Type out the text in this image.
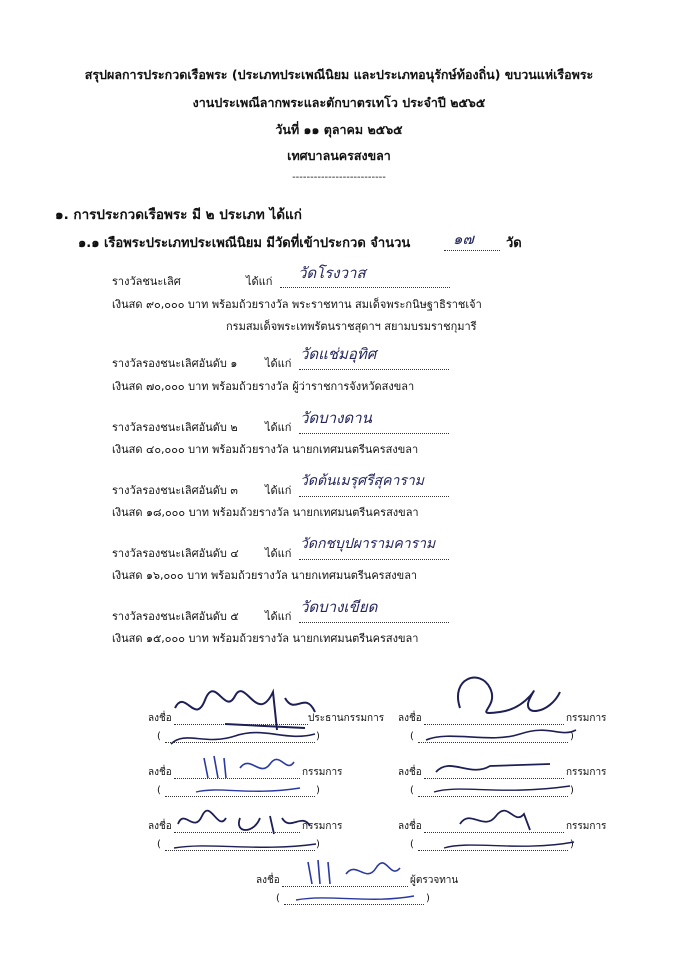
สรุปผลการประกวดเรือพระ (ประเภทประเพณีนิยม และประเภทอนุรักษ์ท้องถิ่น) ขบวนแห่เรือพระ
งานประเพณีลากพระและตักบาตรเทโว ประจำปี ๒๕๖๕
วันที่ ๑๑ ตุลาคม ๒๕๖๕
เทศบาลนครสงขลา
--------------------------
๑. การประกวดเรือพระ มี ๒ ประเภท ได้แก่
๑.๑ เรือพระประเภทประเพณีนิยม มีวัดที่เข้าประกวด จำนวน	๑๗ วัด
รางวัลชนะเลิศ	ได้แก่ วัดโรงวาส
เงินสด ๙๐,๐๐๐ บาท พร้อมถ้วยรางวัล พระราชทาน สมเด็จพระกนิษฐาธิราชเจ้า
กรมสมเด็จพระเทพรัตนราชสุดาฯ สยามบรมราชกุมารี
รางวัลรองชนะเลิศอันดับ ๑	ได้แก่
วัดแช่มอุทิศ
เงินสด ๗๐,๐๐๐ บาท พร้อมถ้วยรางวัล ผู้ว่าราชการจังหวัดสงขลา
รางวัลรองชนะเลิศอันดับ ๒ ได้แก่
วัดบางดาน
เงินสด ๔๐,๐๐๐ บาท พร้อมถ้วยรางวัล นายกเทศมนตรีนครสงขลา
รางวัลรองชนะเลิศอันดับ ๓ ได้แก่
วัดต้นเมรุศรีสุคาราม
เงินสด ๑๘,๐๐๐ บาท พร้อมถ้วยรางวัล นายกเทศมนตรีนครสงขลา
รางวัลรองชนะเลิศอันดับ ๔ ได้แก่
วัดกชบุปผารามคาราม
เงินสด ๑๖,๐๐๐ บาท พร้อมถ้วยรางวัล นายกเทศมนตรีนครสงขลา
รางวัลรองชนะเลิศอันดับ ๕ ได้แก่
วัดบางเขียด
เงินสด ๑๕,๐๐๐ บาท พร้อมถ้วยรางวัล นายกเทศมนตรีนครสงขลา
ลงชื่อ	ประธานกรรมการ
(	)
ลงชื่อ	กรรมการ
(	)
ลงชื่อ	กรรมการ
(	)
ลงชื่อ	กรรมการ
(	)
ลงชื่อ	กรรมการ
(	)
ลงชื่อ	กรรมการ
(	)
ลงชื่อ	ผู้ตรวจทาน
(	)
